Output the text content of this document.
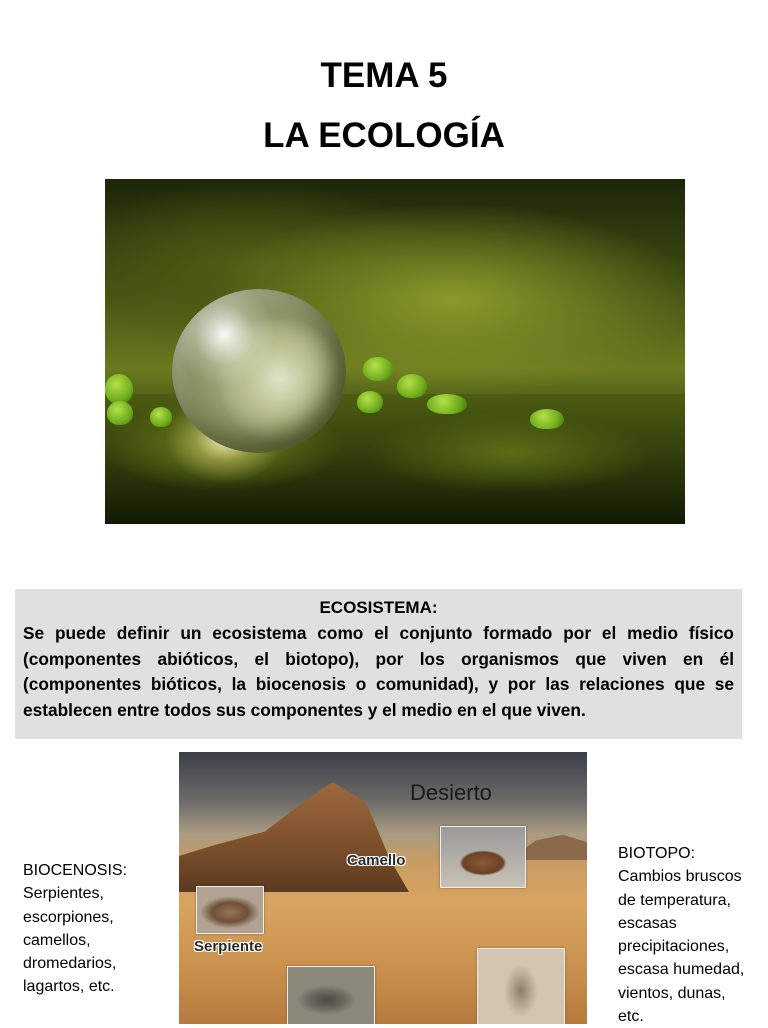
TEMA 5
LA ECOLOGÍA
ECOSISTEMA:
Se puede definir un ecosistema como el conjunto formado por el medio físico (componentes abióticos, el biotopo), por los organismos que viven en él (componentes bióticos, la biocenosis o comunidad), y por las relaciones que se establecen entre todos sus componentes y el medio en el que viven.
Desierto
Camello
Serpiente
BIOCENOSIS:
Serpientes,
escorpiones,
camellos,
dromedarios,
lagartos, etc.
BIOTOPO:
Cambios bruscos
de temperatura,
escasas
precipitaciones,
escasa humedad,
vientos, dunas,
etc.
